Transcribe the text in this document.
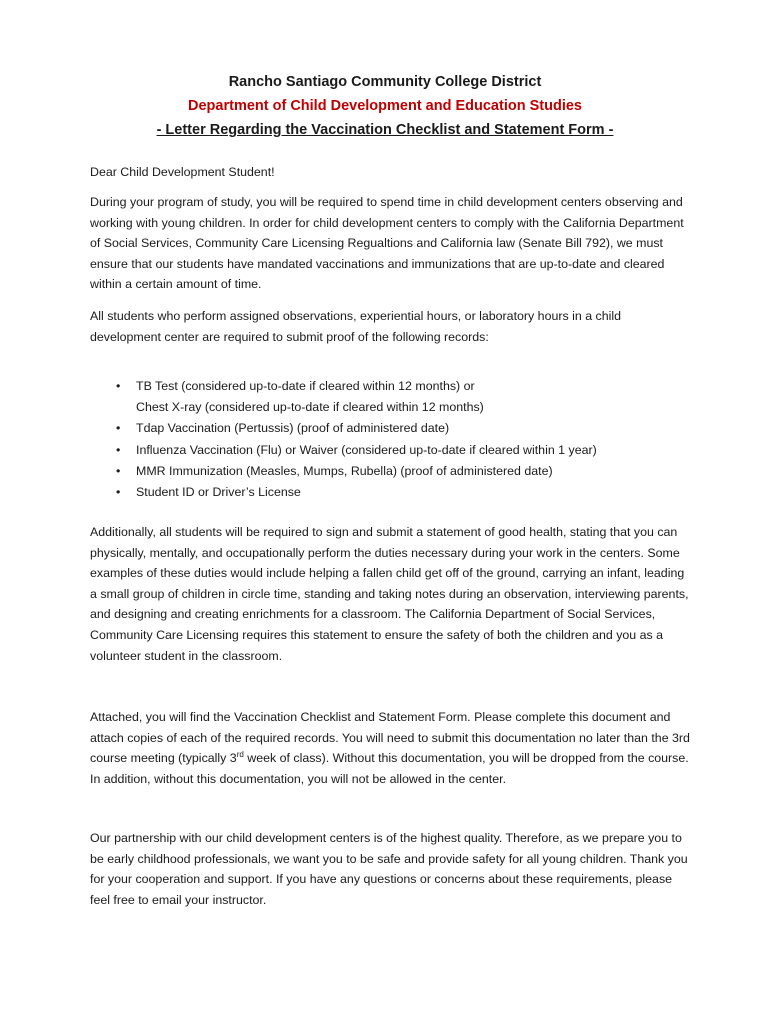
Rancho Santiago Community College District
Department of Child Development and Education Studies
- Letter Regarding the Vaccination Checklist and Statement Form -

Dear Child Development Student!

During your program of study, you will be required to spend time in child development centers observing and working with young children. In order for child development centers to comply with the California Department of Social Services, Community Care Licensing Regualtions and California law (Senate Bill 792), we must ensure that our students have mandated vaccinations and immunizations that are up-to-date and cleared within a certain amount of time.

All students who perform assigned observations, experiential hours, or laboratory hours in a child development center are required to submit proof of the following records:

• TB Test (considered up-to-date if cleared within 12 months) or
Chest X-ray (considered up-to-date if cleared within 12 months)
• Tdap Vaccination (Pertussis) (proof of administered date)
• Influenza Vaccination (Flu) or Waiver (considered up-to-date if cleared within 1 year)
• MMR Immunization (Measles, Mumps, Rubella) (proof of administered date)
• Student ID or Driver’s License

Additionally, all students will be required to sign and submit a statement of good health, stating that you can physically, mentally, and occupationally perform the duties necessary during your work in the centers. Some examples of these duties would include helping a fallen child get off of the ground, carrying an infant, leading a small group of children in circle time, standing and taking notes during an observation, interviewing parents, and designing and creating enrichments for a classroom. The California Department of Social Services, Community Care Licensing requires this statement to ensure the safety of both the children and you as a volunteer student in the classroom.

Attached, you will find the Vaccination Checklist and Statement Form. Please complete this document and attach copies of each of the required records. You will need to submit this documentation no later than the 3rd course meeting (typically 3rd week of class). Without this documentation, you will be dropped from the course. In addition, without this documentation, you will not be allowed in the center.

Our partnership with our child development centers is of the highest quality. Therefore, as we prepare you to be early childhood professionals, we want you to be safe and provide safety for all young children. Thank you for your cooperation and support. If you have any questions or concerns about these requirements, please feel free to email your instructor.
